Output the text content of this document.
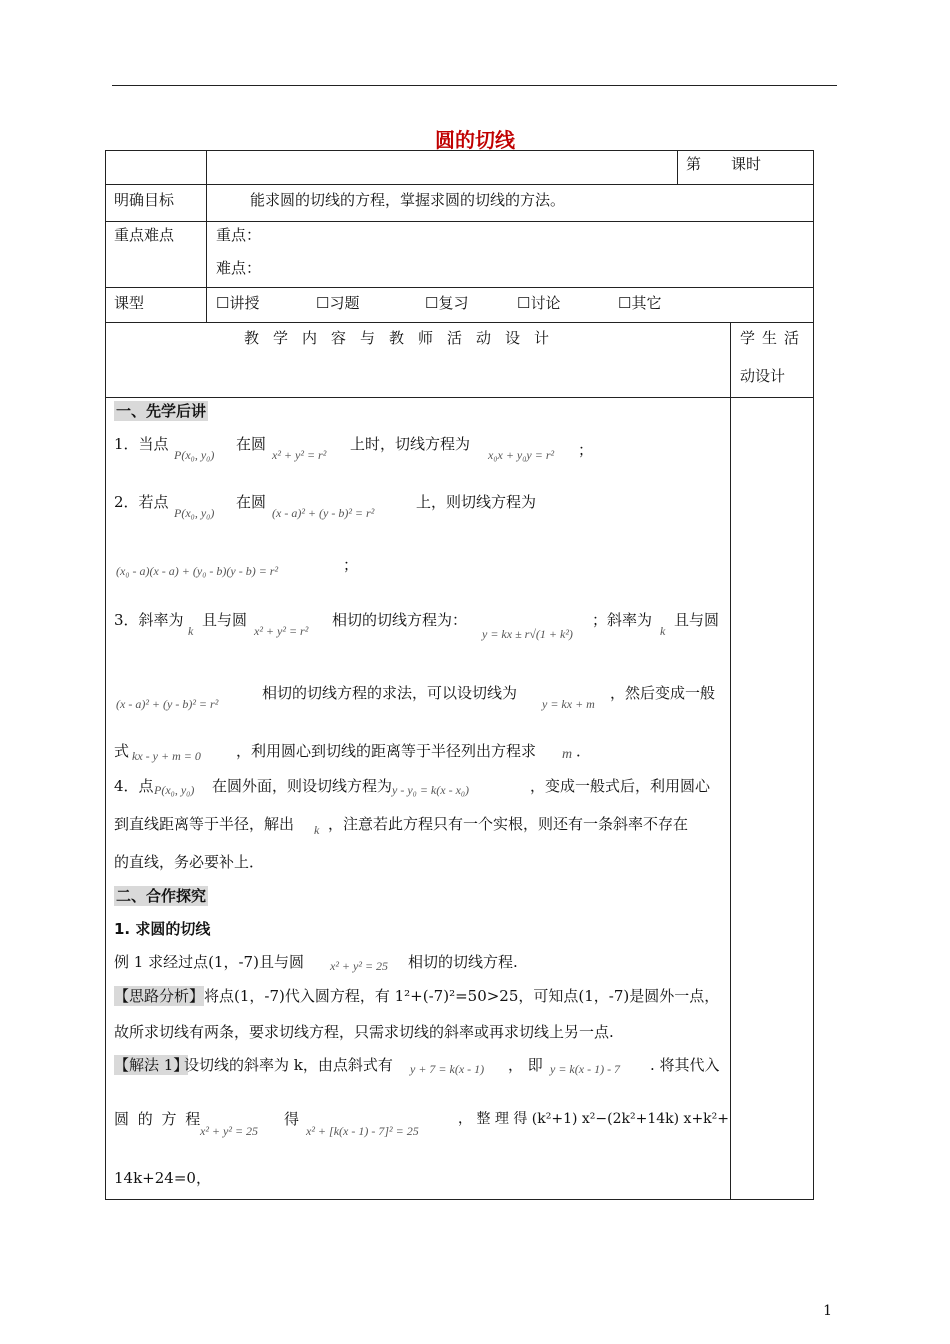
圆的切线
第　　课时
明确目标	能求圆的切线的方程，掌握求圆的切线的方法。
重点难点	重点：
难点：
课型	☐讲授	☐习题	☐复习	☐讨论	☐其它
教学内容与教师活动设计	学生活
动设计
一、先学后讲
1．当点
P(x₀, y₀)
在圆
x² + y² = r²
上时，切线方程为
x₀x + y₀y = r² ；
2．若点
P(x₀, y₀)
在圆
(x - a)² + (y - b)² = r²
上，则切线方程为
(x₀ - a)(x - a) + (y₀ - b)(y - b) = r²	；
3．斜率为
k
且与圆
x² + y² = r²
相切的切线方程为：
y = kx ± r√(1 + k²)
；斜率为
k
且与圆
(x - a)² + (y - b)² = r²
相切的切线方程的求法，可以设切线为
y = kx + m
，然后变成一般
式 kx - y + m = 0 ，利用圆心到切线的距离等于半径列出方程求 m ．
4．点 P(x₀, y₀) 在圆外面，则设切线方程为 y - y₀ = k(x - x₀)	，变成一般式后，利用圆心
到直线距离等于半径，解出 k ，注意若此方程只有一个实根，则还有一条斜率不存在
的直线，务必要补上．
二、合作探究
1. 求圆的切线
例 1 求经过点(1，-7)且与圆 x² + y² = 25 相切的切线方程.
【思路分析】 将点(1，-7)代入圆方程，有 1²+(-7)²=50>25，可知点(1，-7)是圆外一点，
故所求切线有两条，要求切线方程，只需求切线的斜率或再求切线上另一点.
【解法 1】
设切线的斜率为 k，由点斜式有 y + 7 = k(x - 1) ， 即 y = k(x - 1) - 7 . 将其代入
圆 的 方 程
x² + y² = 25
得
x² + [k(x - 1) - 7]² = 25
， 整 理 得 (k²+1) x²−(2k²+14k) x+k²+
14k+24=0，
1
